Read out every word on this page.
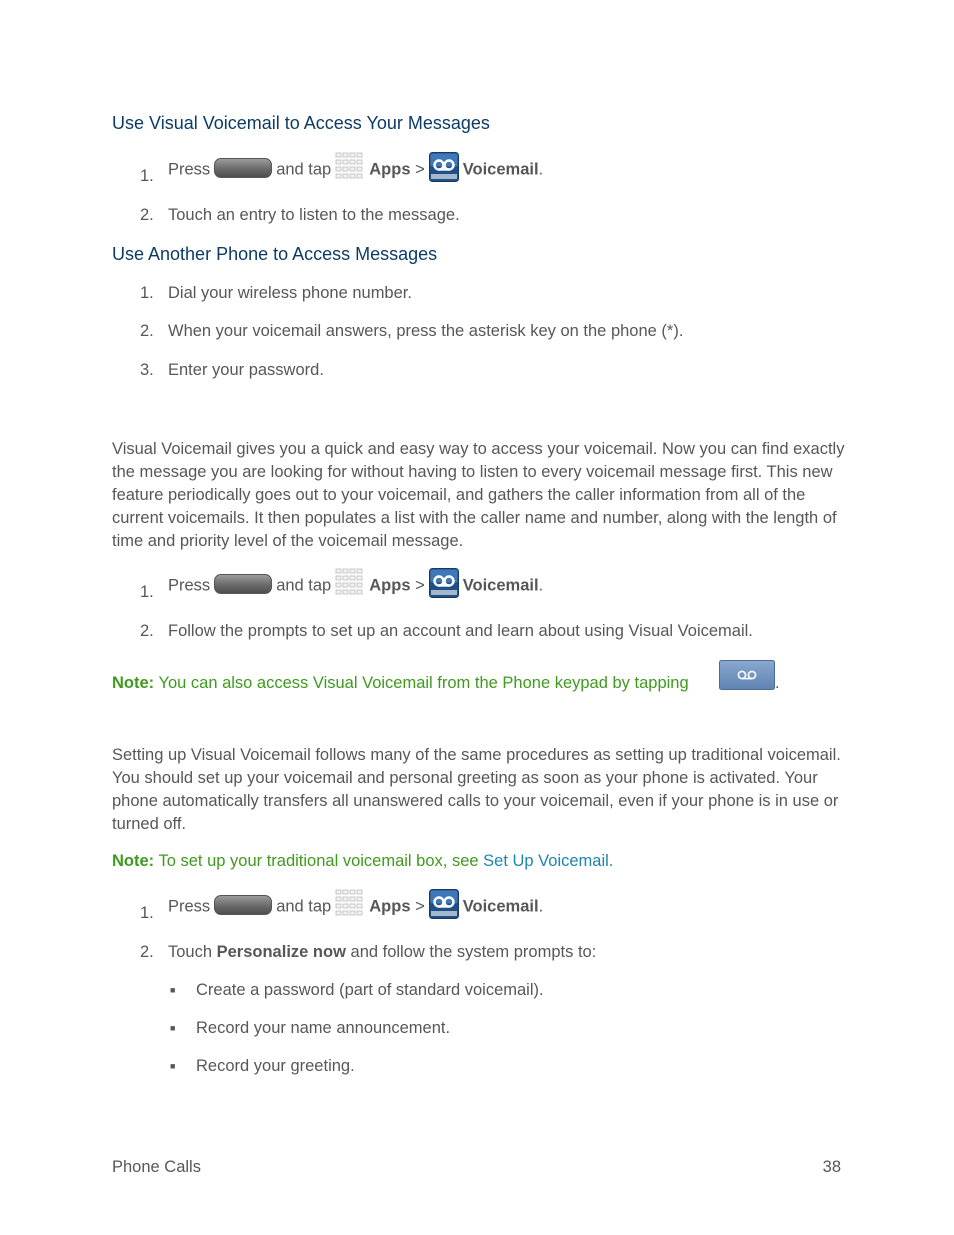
Use Visual Voicemail to Access Your Messages
1. Press	and tap Apps > Voicemail.
2. Touch an entry to listen to the message.
Use Another Phone to Access Messages
1. Dial your wireless phone number.
2. When your voicemail answers, press the asterisk key on the phone (*).
3. Enter your password.

Visual Voicemail gives you a quick and easy way to access your voicemail. Now you can find exactly the message you are looking for without having to listen to every voicemail message first. This new feature periodically goes out to your voicemail, and gathers the caller information from all of the current voicemails. It then populates a list with the caller name and number, along with the length of time and priority level of the voicemail message.

1. Press	and tap Apps > Voicemail.
2. Follow the prompts to set up an account and learn about using Visual Voicemail.
Note: You can also access Visual Voicemail from the Phone keypad by tapping	.

Setting up Visual Voicemail follows many of the same procedures as setting up traditional voicemail. You should set up your voicemail and personal greeting as soon as your phone is activated. Your phone automatically transfers all unanswered calls to your voicemail, even if your phone is in use or turned off.

Note: To set up your traditional voicemail box, see Set Up Voicemail.
1. Press	and tap Apps > Voicemail.
2. Touch Personalize now and follow the system prompts to:
■ Create a password (part of standard voicemail).
■ Record your name announcement.
■ Record your greeting.
Phone Calls	38
